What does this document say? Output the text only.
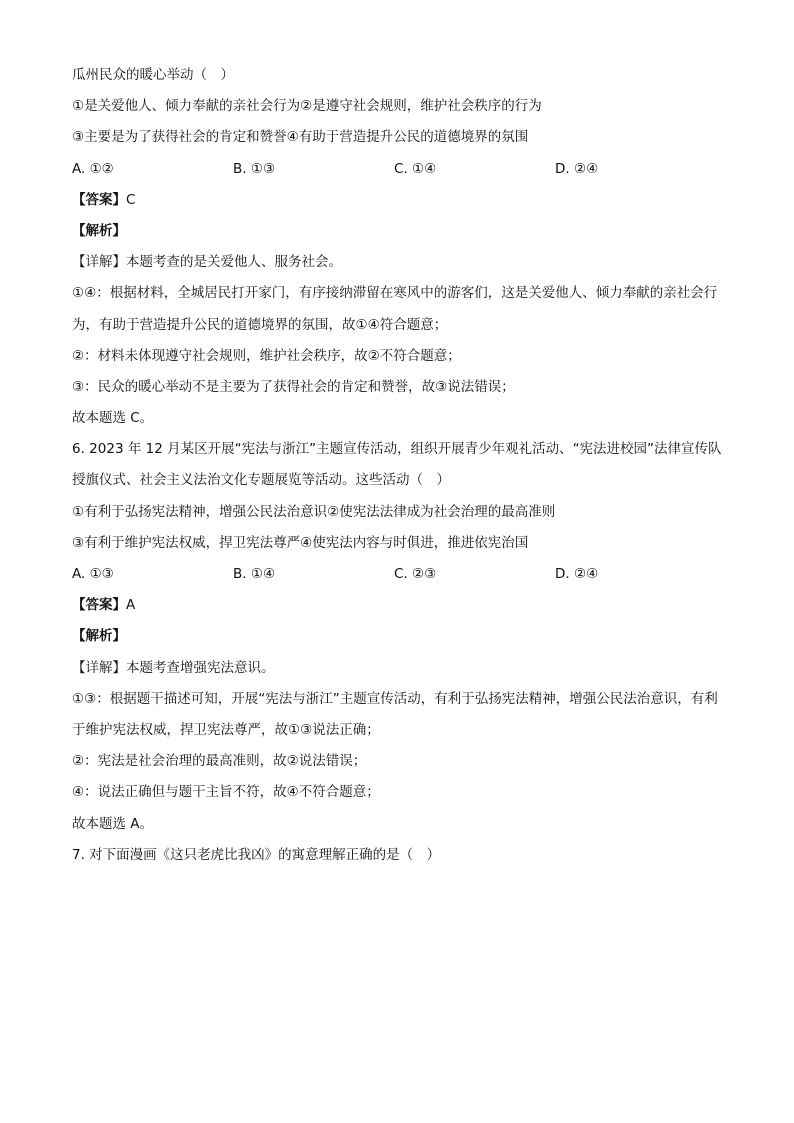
瓜州民众的暖心举动（　）
①是关爱他人、倾力奉献的亲社会行为②是遵守社会规则，维护社会秩序的行为
③主要是为了获得社会的肯定和赞誉④有助于营造提升公民的道德境界的氛围
A. ①②	B. ①③	C. ①④	D. ②④
【答案】C
【解析】
【详解】本题考查的是关爱他人、服务社会。
①④：根据材料，全城居民打开家门，有序接纳滞留在寒风中的游客们，这是关爱他人、倾力奉献的亲社会行为，有助于营造提升公民的道德境界的氛围，故①④符合题意；
②：材料未体现遵守社会规则，维护社会秩序，故②不符合题意；
③：民众的暖心举动不是主要为了获得社会的肯定和赞誉，故③说法错误；
故本题选 C。
6. 2023 年 12 月某区开展“宪法与浙江”主题宣传活动，组织开展青少年观礼活动、“宪法进校园”法律宣传队授旗仪式、社会主义法治文化专题展览等活动。这些活动（　）
①有利于弘扬宪法精神，增强公民法治意识②使宪法法律成为社会治理的最高准则
③有利于维护宪法权威，捍卫宪法尊严④使宪法内容与时俱进，推进依宪治国
A. ①③	B. ①④	C. ②③	D. ②④
【答案】A
【解析】
【详解】本题考查增强宪法意识。
①③：根据题干描述可知，开展“宪法与浙江”主题宣传活动，有利于弘扬宪法精神，增强公民法治意识，有利于维护宪法权威，捍卫宪法尊严，故①③说法正确；
②：宪法是社会治理的最高准则，故②说法错误；
④：说法正确但与题干主旨不符，故④不符合题意；
故本题选 A。
7. 对下面漫画《这只老虎比我凶》的寓意理解正确的是（　）
